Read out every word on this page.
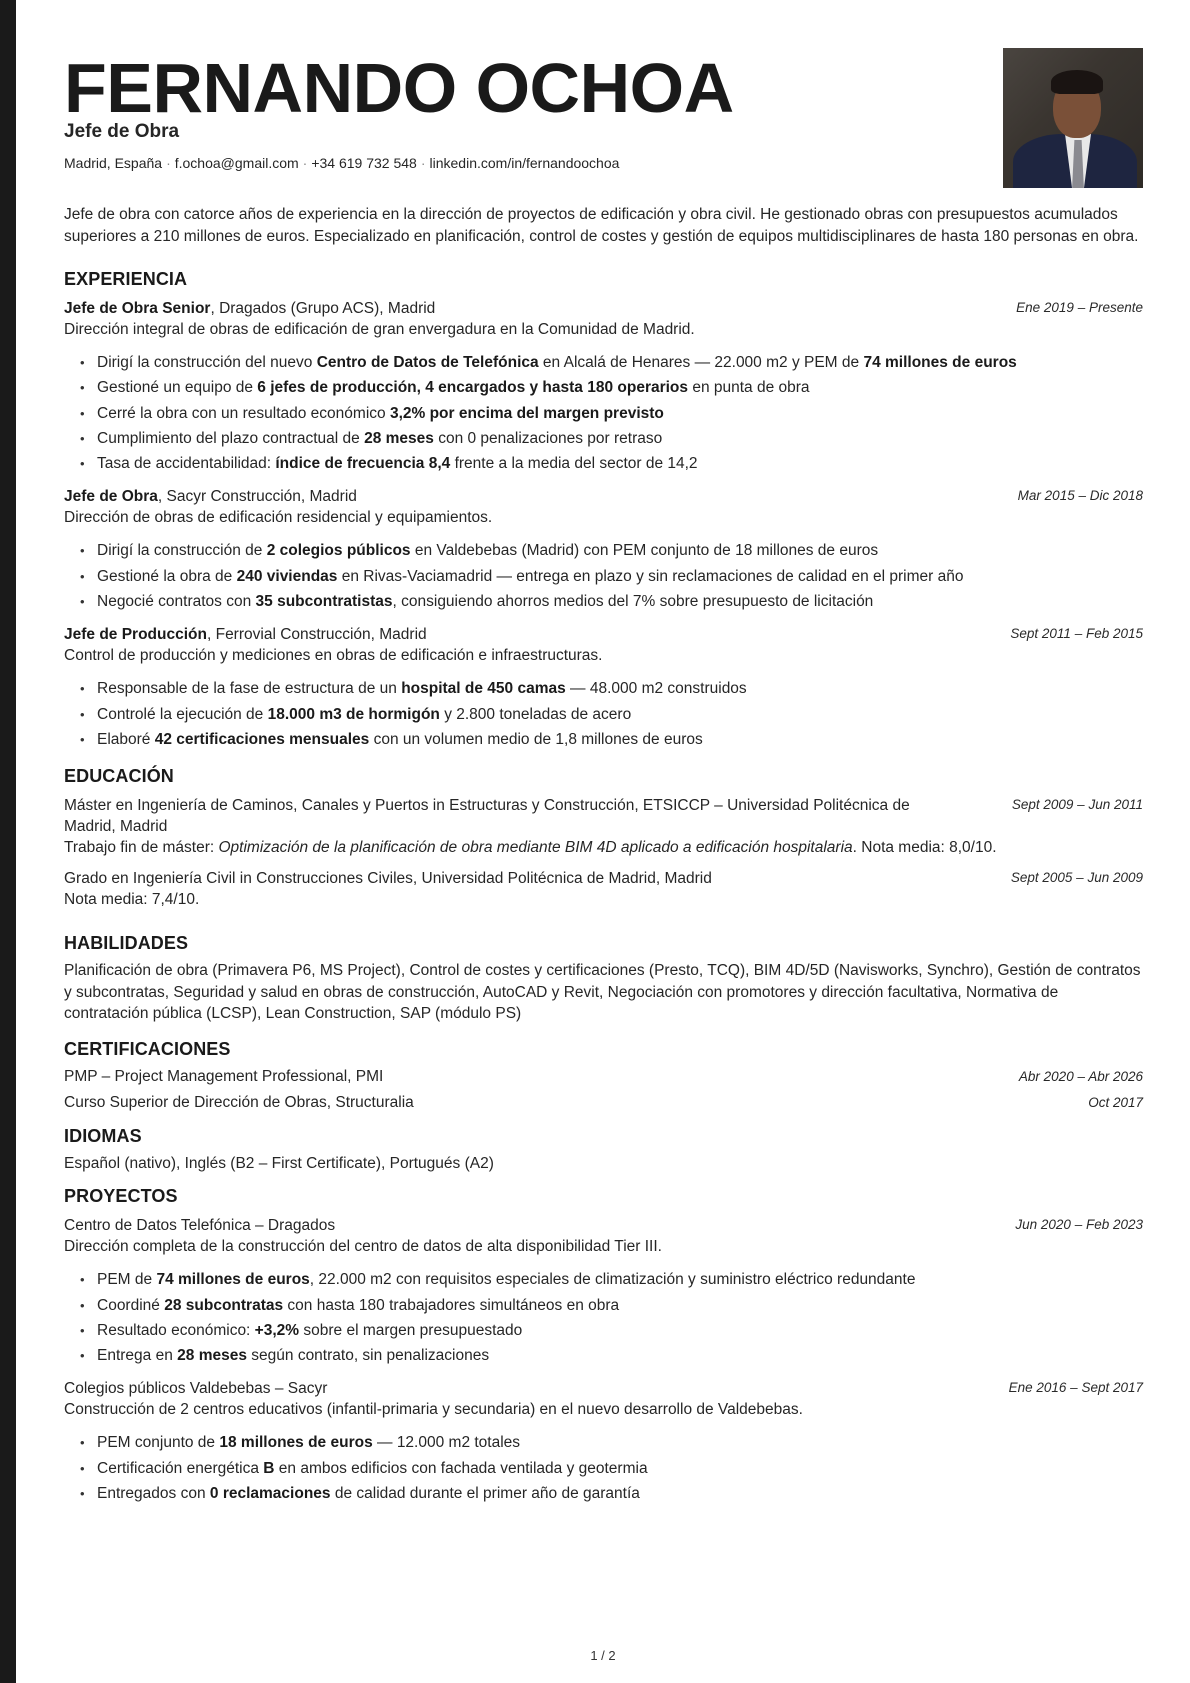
FERNANDO OCHOA
Jefe de Obra
Madrid, España · f.ochoa@gmail.com · +34 619 732 548 · linkedin.com/in/fernandoochoa

Jefe de obra con catorce años de experiencia en la dirección de proyectos de edificación y obra civil. He gestionado obras con presupuestos acumulados superiores a 210 millones de euros. Especializado en planificación, control de costes y gestión de equipos multidisciplinares de hasta 180 personas en obra.

EXPERIENCIA
Jefe de Obra Senior, Dragados (Grupo ACS), Madrid	Ene 2019 – Presente
Dirección integral de obras de edificación de gran envergadura en la Comunidad de Madrid.
• Dirigí la construcción del nuevo Centro de Datos de Telefónica en Alcalá de Henares — 22.000 m2 y PEM de 74 millones de euros
• Gestioné un equipo de 6 jefes de producción, 4 encargados y hasta 180 operarios en punta de obra
• Cerré la obra con un resultado económico 3,2% por encima del margen previsto
• Cumplimiento del plazo contractual de 28 meses con 0 penalizaciones por retraso
• Tasa de accidentabilidad: índice de frecuencia 8,4 frente a la media del sector de 14,2
Jefe de Obra, Sacyr Construcción, Madrid	Mar 2015 – Dic 2018
Dirección de obras de edificación residencial y equipamientos.
• Dirigí la construcción de 2 colegios públicos en Valdebebas (Madrid) con PEM conjunto de 18 millones de euros
• Gestioné la obra de 240 viviendas en Rivas-Vaciamadrid — entrega en plazo y sin reclamaciones de calidad en el primer año
• Negocié contratos con 35 subcontratistas, consiguiendo ahorros medios del 7% sobre presupuesto de licitación
Jefe de Producción, Ferrovial Construcción, Madrid	Sept 2011 – Feb 2015
Control de producción y mediciones en obras de edificación e infraestructuras.
• Responsable de la fase de estructura de un hospital de 450 camas — 48.000 m2 construidos
• Controlé la ejecución de 18.000 m3 de hormigón y 2.800 toneladas de acero
• Elaboré 42 certificaciones mensuales con un volumen medio de 1,8 millones de euros
EDUCACIÓN
Máster en Ingeniería de Caminos, Canales y Puertos in Estructuras y Construcción, ETSICCP – Universidad Politécnica de Madrid, Madrid
Sept 2009 – Jun 2011
Trabajo fin de máster: Optimización de la planificación de obra mediante BIM 4D aplicado a edificación hospitalaria. Nota media: 8,0/10.
Grado en Ingeniería Civil in Construcciones Civiles, Universidad Politécnica de Madrid, Madrid	Sept 2005 – Jun 2009
Nota media: 7,4/10.
HABILIDADES

Planificación de obra (Primavera P6, MS Project), Control de costes y certificaciones (Presto, TCQ), BIM 4D/5D (Navisworks, Synchro), Gestión de contratos y subcontratas, Seguridad y salud en obras de construcción, AutoCAD y Revit, Negociación con promotores y dirección facultativa, Normativa de contratación pública (LCSP), Lean Construction, SAP (módulo PS)

CERTIFICACIONES
PMP – Project Management Professional, PMI	Abr 2020 – Abr 2026
Curso Superior de Dirección de Obras, Structuralia	Oct 2017
IDIOMAS

Español (nativo), Inglés (B2 – First Certificate), Portugués (A2)

PROYECTOS
Centro de Datos Telefónica – Dragados	Jun 2020 – Feb 2023
Dirección completa de la construcción del centro de datos de alta disponibilidad Tier III.
• PEM de 74 millones de euros, 22.000 m2 con requisitos especiales de climatización y suministro eléctrico redundante
• Coordiné 28 subcontratas con hasta 180 trabajadores simultáneos en obra
• Resultado económico: +3,2% sobre el margen presupuestado
• Entrega en 28 meses según contrato, sin penalizaciones
Colegios públicos Valdebebas – Sacyr	Ene 2016 – Sept 2017
Construcción de 2 centros educativos (infantil-primaria y secundaria) en el nuevo desarrollo de Valdebebas.
• PEM conjunto de 18 millones de euros — 12.000 m2 totales
• Certificación energética B en ambos edificios con fachada ventilada y geotermia
• Entregados con 0 reclamaciones de calidad durante el primer año de garantía
1 / 2
